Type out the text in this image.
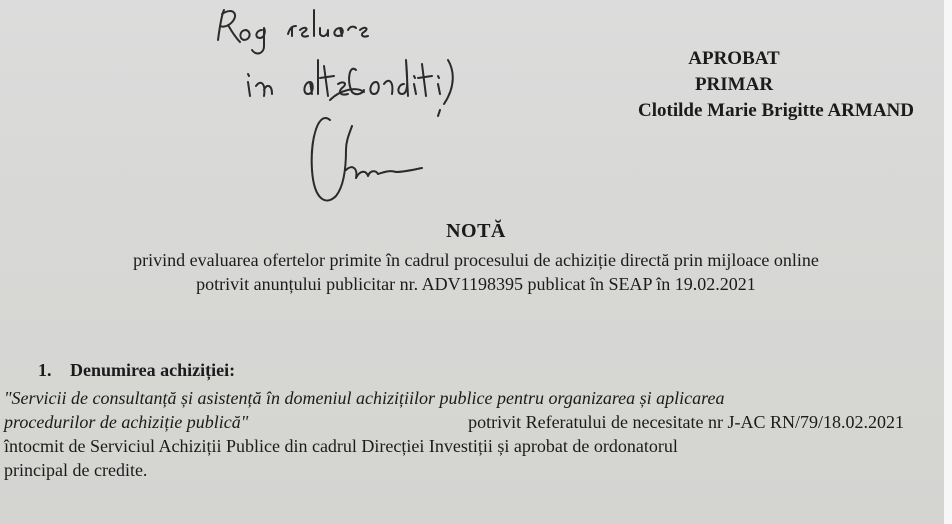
APROBAT
PRIMAR
Clotilde Marie Brigitte ARMAND
NOTĂ
privind evaluarea ofertelor primite în cadrul procesului de achiziție directă prin mijloace online
potrivit anunțului publicitar nr. ADV1198395 publicat în SEAP în 19.02.2021
1. Denumirea achiziției:
"Servicii de consultanță și asistență în domeniul achizițiilor publice pentru organizarea și aplicarea
procedurilor de achiziție publică"	potrivit Referatului de necesitate nr J-AC RN/79/18.02.2021
întocmit de Serviciul Achiziții Publice din cadrul Direcției Investiții și aprobat de ordonatorul
principal de credite.
